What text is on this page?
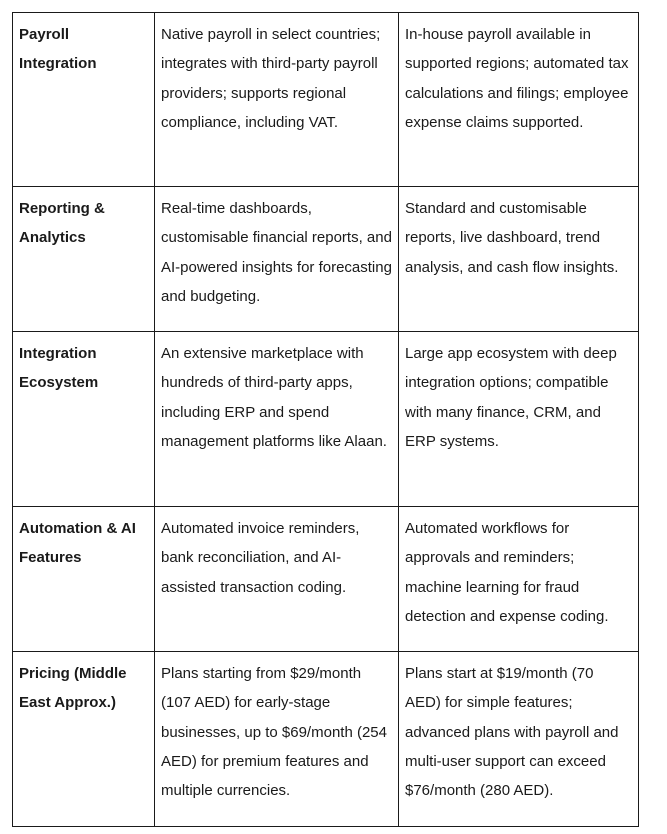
Payroll Integration	Native payroll in select countries; integrates with third-party payroll providers; supports regional compliance, including VAT.	In-house payroll available in supported regions; automated tax calculations and filings; employee expense claims supported.
Reporting & Analytics	Real-time dashboards, customisable financial reports, and AI-powered insights for forecasting and budgeting.	Standard and customisable reports, live dashboard, trend analysis, and cash flow insights.
Integration Ecosystem	An extensive marketplace with hundreds of third-party apps, including ERP and spend management platforms like Alaan.	Large app ecosystem with deep integration options; compatible with many finance, CRM, and ERP systems.
Automation & AI Features	Automated invoice reminders, bank reconciliation, and AI-assisted transaction coding.	Automated workflows for approvals and reminders; machine learning for fraud detection and expense coding.
Pricing (Middle East Approx.)	Plans starting from $29/month (107 AED) for early-stage businesses, up to $69/month (254 AED) for premium features and multiple currencies.	Plans start at $19/month (70 AED) for simple features; advanced plans with payroll and multi-user support can exceed $76/month (280 AED).
